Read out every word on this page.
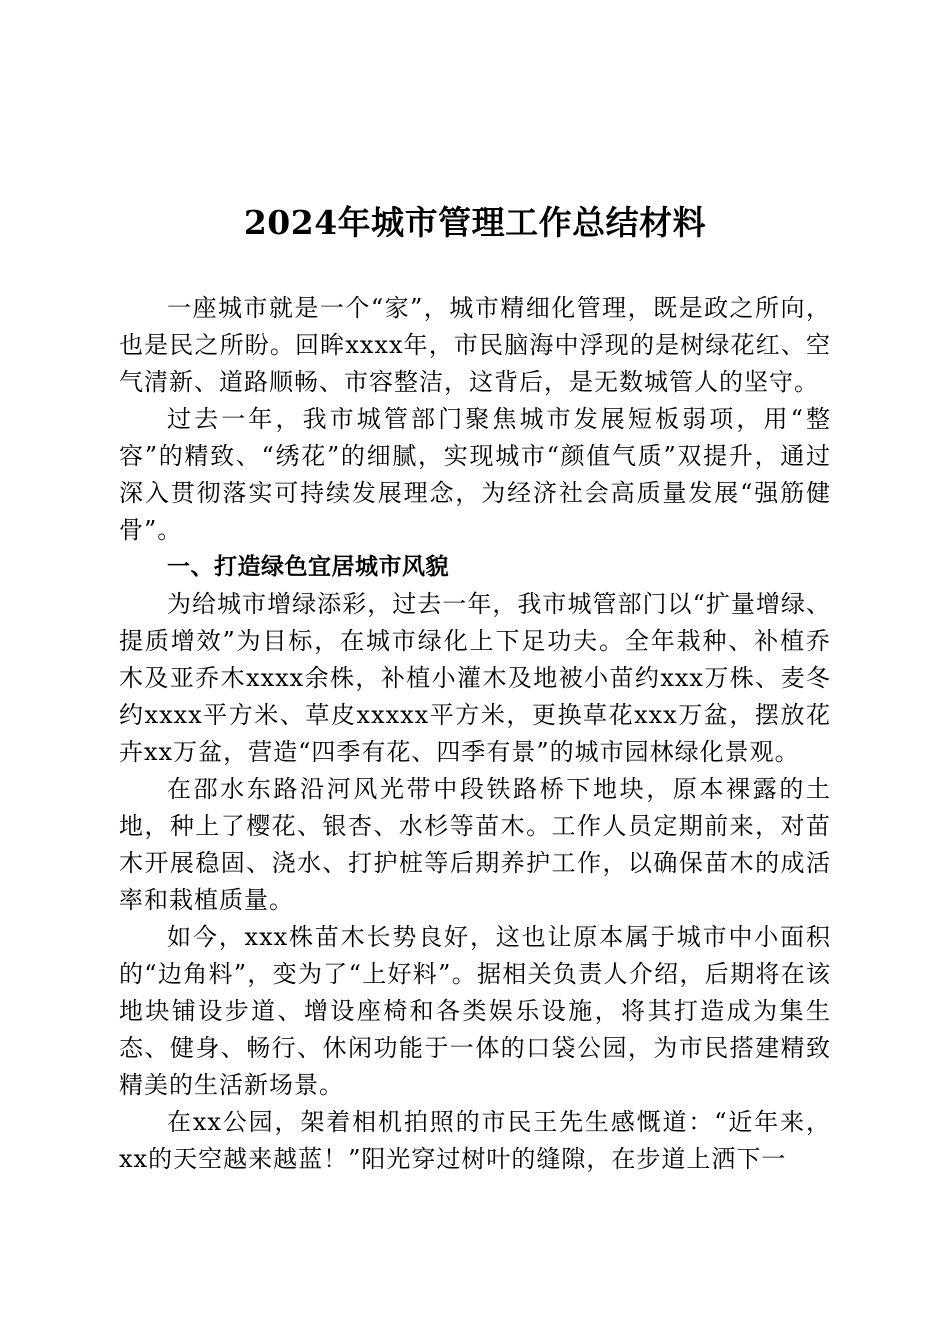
2024年城市管理工作总结材料

一座城市就是一个“家”，城市精细化管理，既是政之所向，也是民之所盼。回眸xxxx年，市民脑海中浮现的是树绿花红、空气清新、道路顺畅、市容整洁，这背后，是无数城管人的坚守。

过去一年，我市城管部门聚焦城市发展短板弱项，用“整容”的精致、“绣花”的细腻，实现城市“颜值气质”双提升，通过深入贯彻落实可持续发展理念，为经济社会高质量发展“强筋健骨”。

一、打造绿色宜居城市风貌

为给城市增绿添彩，过去一年，我市城管部门以“扩量增绿、提质增效”为目标，在城市绿化上下足功夫。全年栽种、补植乔木及亚乔木xxxx余株，补植小灌木及地被小苗约xxx万株、麦冬约xxxx平方米、草皮xxxxx平方米，更换草花xxx万盆，摆放花卉xx万盆，营造“四季有花、四季有景”的城市园林绿化景观。

在邵水东路沿河风光带中段铁路桥下地块，原本裸露的土地，种上了樱花、银杏、水杉等苗木。工作人员定期前来，对苗木开展稳固、浇水、打护桩等后期养护工作，以确保苗木的成活率和栽植质量。

如今，xxx株苗木长势良好，这也让原本属于城市中小面积的“边角料”，变为了“上好料”。据相关负责人介绍，后期将在该地块铺设步道、增设座椅和各类娱乐设施，将其打造成为集生态、健身、畅行、休闲功能于一体的口袋公园，为市民搭建精致精美的生活新场景。

在xx公园，架着相机拍照的市民王先生感慨道：“近年来，xx的天空越来越蓝！”阳光穿过树叶的缝隙，在步道上洒下一
